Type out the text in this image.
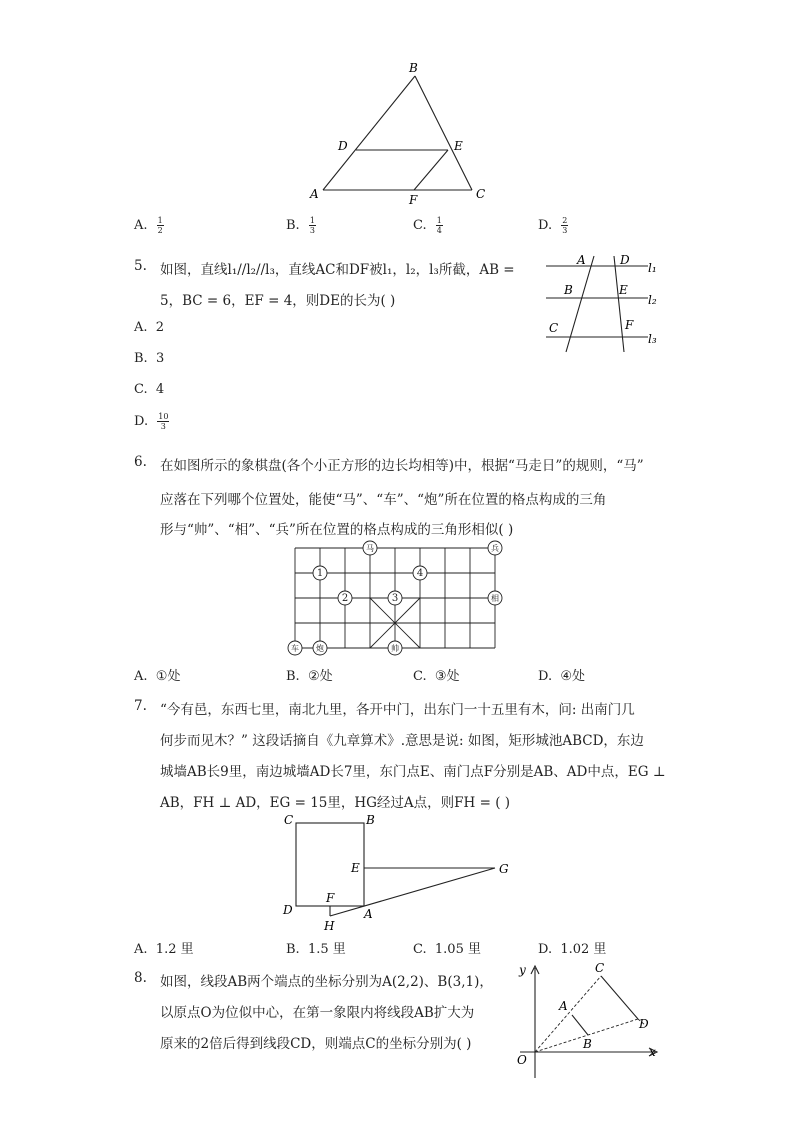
B
D	E
A	F	C
A. $\frac{1}{2}$	B. $\frac{1}{3}$	C. $\frac{1}{4}$	D. $\frac{2}{3}$
5. 如图，直线l₁//l₂//l₃，直线AC和DF被l₁，l₂，l₃所截，AB =
5，BC = 6，EF = 4，则DE的长为( )
A	D
l₁
B	E
l₂
C	F
l₃
A. 2
B. 3
C. 4
D. $\frac{10}{3}$
6. 在如图所示的象棋盘(各个小正方形的边长均相等)中，根据“马走日”的规则，“马”
应落在下列哪个位置处，能使“马”、“车”、“炮”所在位置的格点构成的三角
形与“帅”、“相”、“兵”所在位置的格点构成的三角形相似( )
马	兵
相
车 炮	帅
1
2	3
4
A. ①处	B. ②处	C. ③处	D. ④处
7. “今有邑，东西七里，南北九里，各开中门，出东门一十五里有木，问: 出南门几
何步而见木？” 这段话摘自《九章算术》.意思是说: 如图，矩形城池ABCD，东边
城墙AB长9里，南边城墙AD长7里，东门点E、南门点F分别是AB、AD中点，EG ⊥
AB，FH ⊥ AD，EG = 15里，HG经过A点，则FH = ( )
C	B
E	G
F
D	A
H
A. 1.2 里	B. 1.5 里	C. 1.05 里	D. 1.02 里
8. 如图，线段AB两个端点的坐标分别为A(2,2)、B(3,1)，
以原点O为位似中心，在第一象限内将线段AB扩大为
原来的2倍后得到线段CD，则端点C的坐标分别为( )
y
x
O
A
B
C
D
